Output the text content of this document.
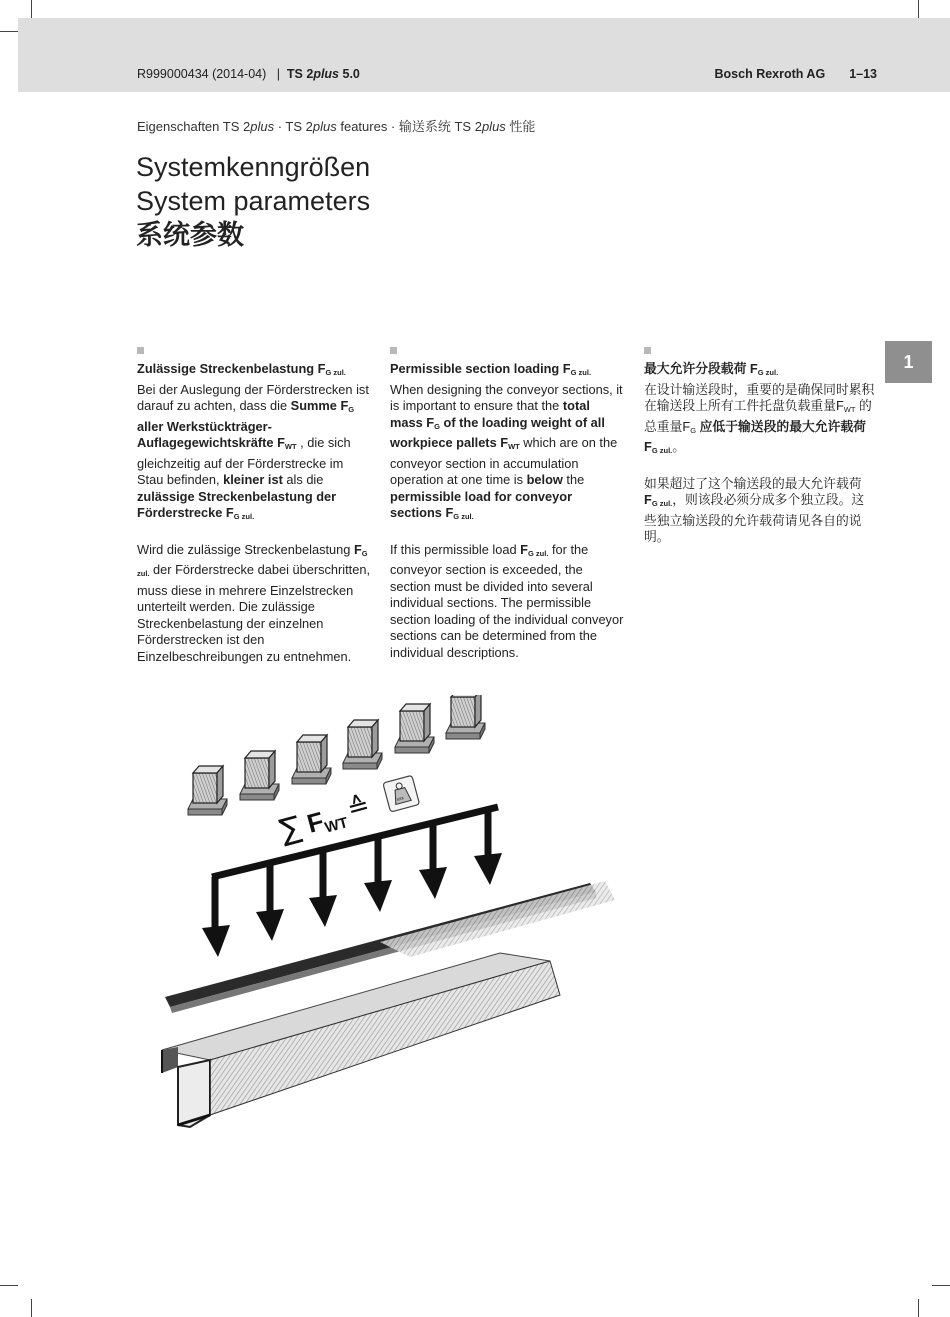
R999000434 (2014-04) | TS 2plus 5.0	Bosch Rexroth AG 1–13
Eigenschaften TS 2plus · TS 2plus features · 输送系统 TS 2plus 性能
Systemkenngrößen
System parameters
系统参数
1
Zulässige Streckenbelastung $F_{G zul.}$

Bei der Auslegung der Förderstrecken ist darauf zu achten, dass die Summe $F_G$ aller Werkstückträger-Auflagegewichtskräfte $F_{WT}$ , die sich gleichzeitig auf der Förderstrecke im Stau befinden, kleiner ist als die zulässige Streckenbelastung der Förderstrecke $F_{G zul.}$

Wird die zulässige Streckenbelastung $F_{G zul.}$ der Förderstrecke dabei überschritten, muss diese in mehrere Einzelstrecken unterteilt werden. Die zulässige Streckenbelastung der einzelnen Förderstrecken ist den Einzelbeschreibungen zu entnehmen.

Permissible section loading $F_{G zul.}$

When designing the conveyor sections, it is important to ensure that the total mass $F_G$ of the loading weight of all workpiece pallets $F_{WT}$ which are on the conveyor section in accumulation operation at one time is below the permissible load for conveyor sections $F_{G zul.}$

If this permissible load $F_{G zul.}$ for the conveyor section is exceeded, the section must be divided into several individual sections. The permissible section loading of the individual conveyor sections can be determined from the individual descriptions.

最大允许分段载荷 $F_{G zul.}$

在设计输送段时，重要的是确保同时累积在输送段上所有工件托盘负载重量$F_{WT}$ 的总重量$F_G$ 应低于输送段的最大允许载荷 $F_{G zul.}$。

如果超过了这个输送段的最大允许载荷 $F_{G zul.}$，则该段必须分成多个独立段。这些独立输送段的允许载荷请见各自的说明。

∑ FWT
≙	xxx
